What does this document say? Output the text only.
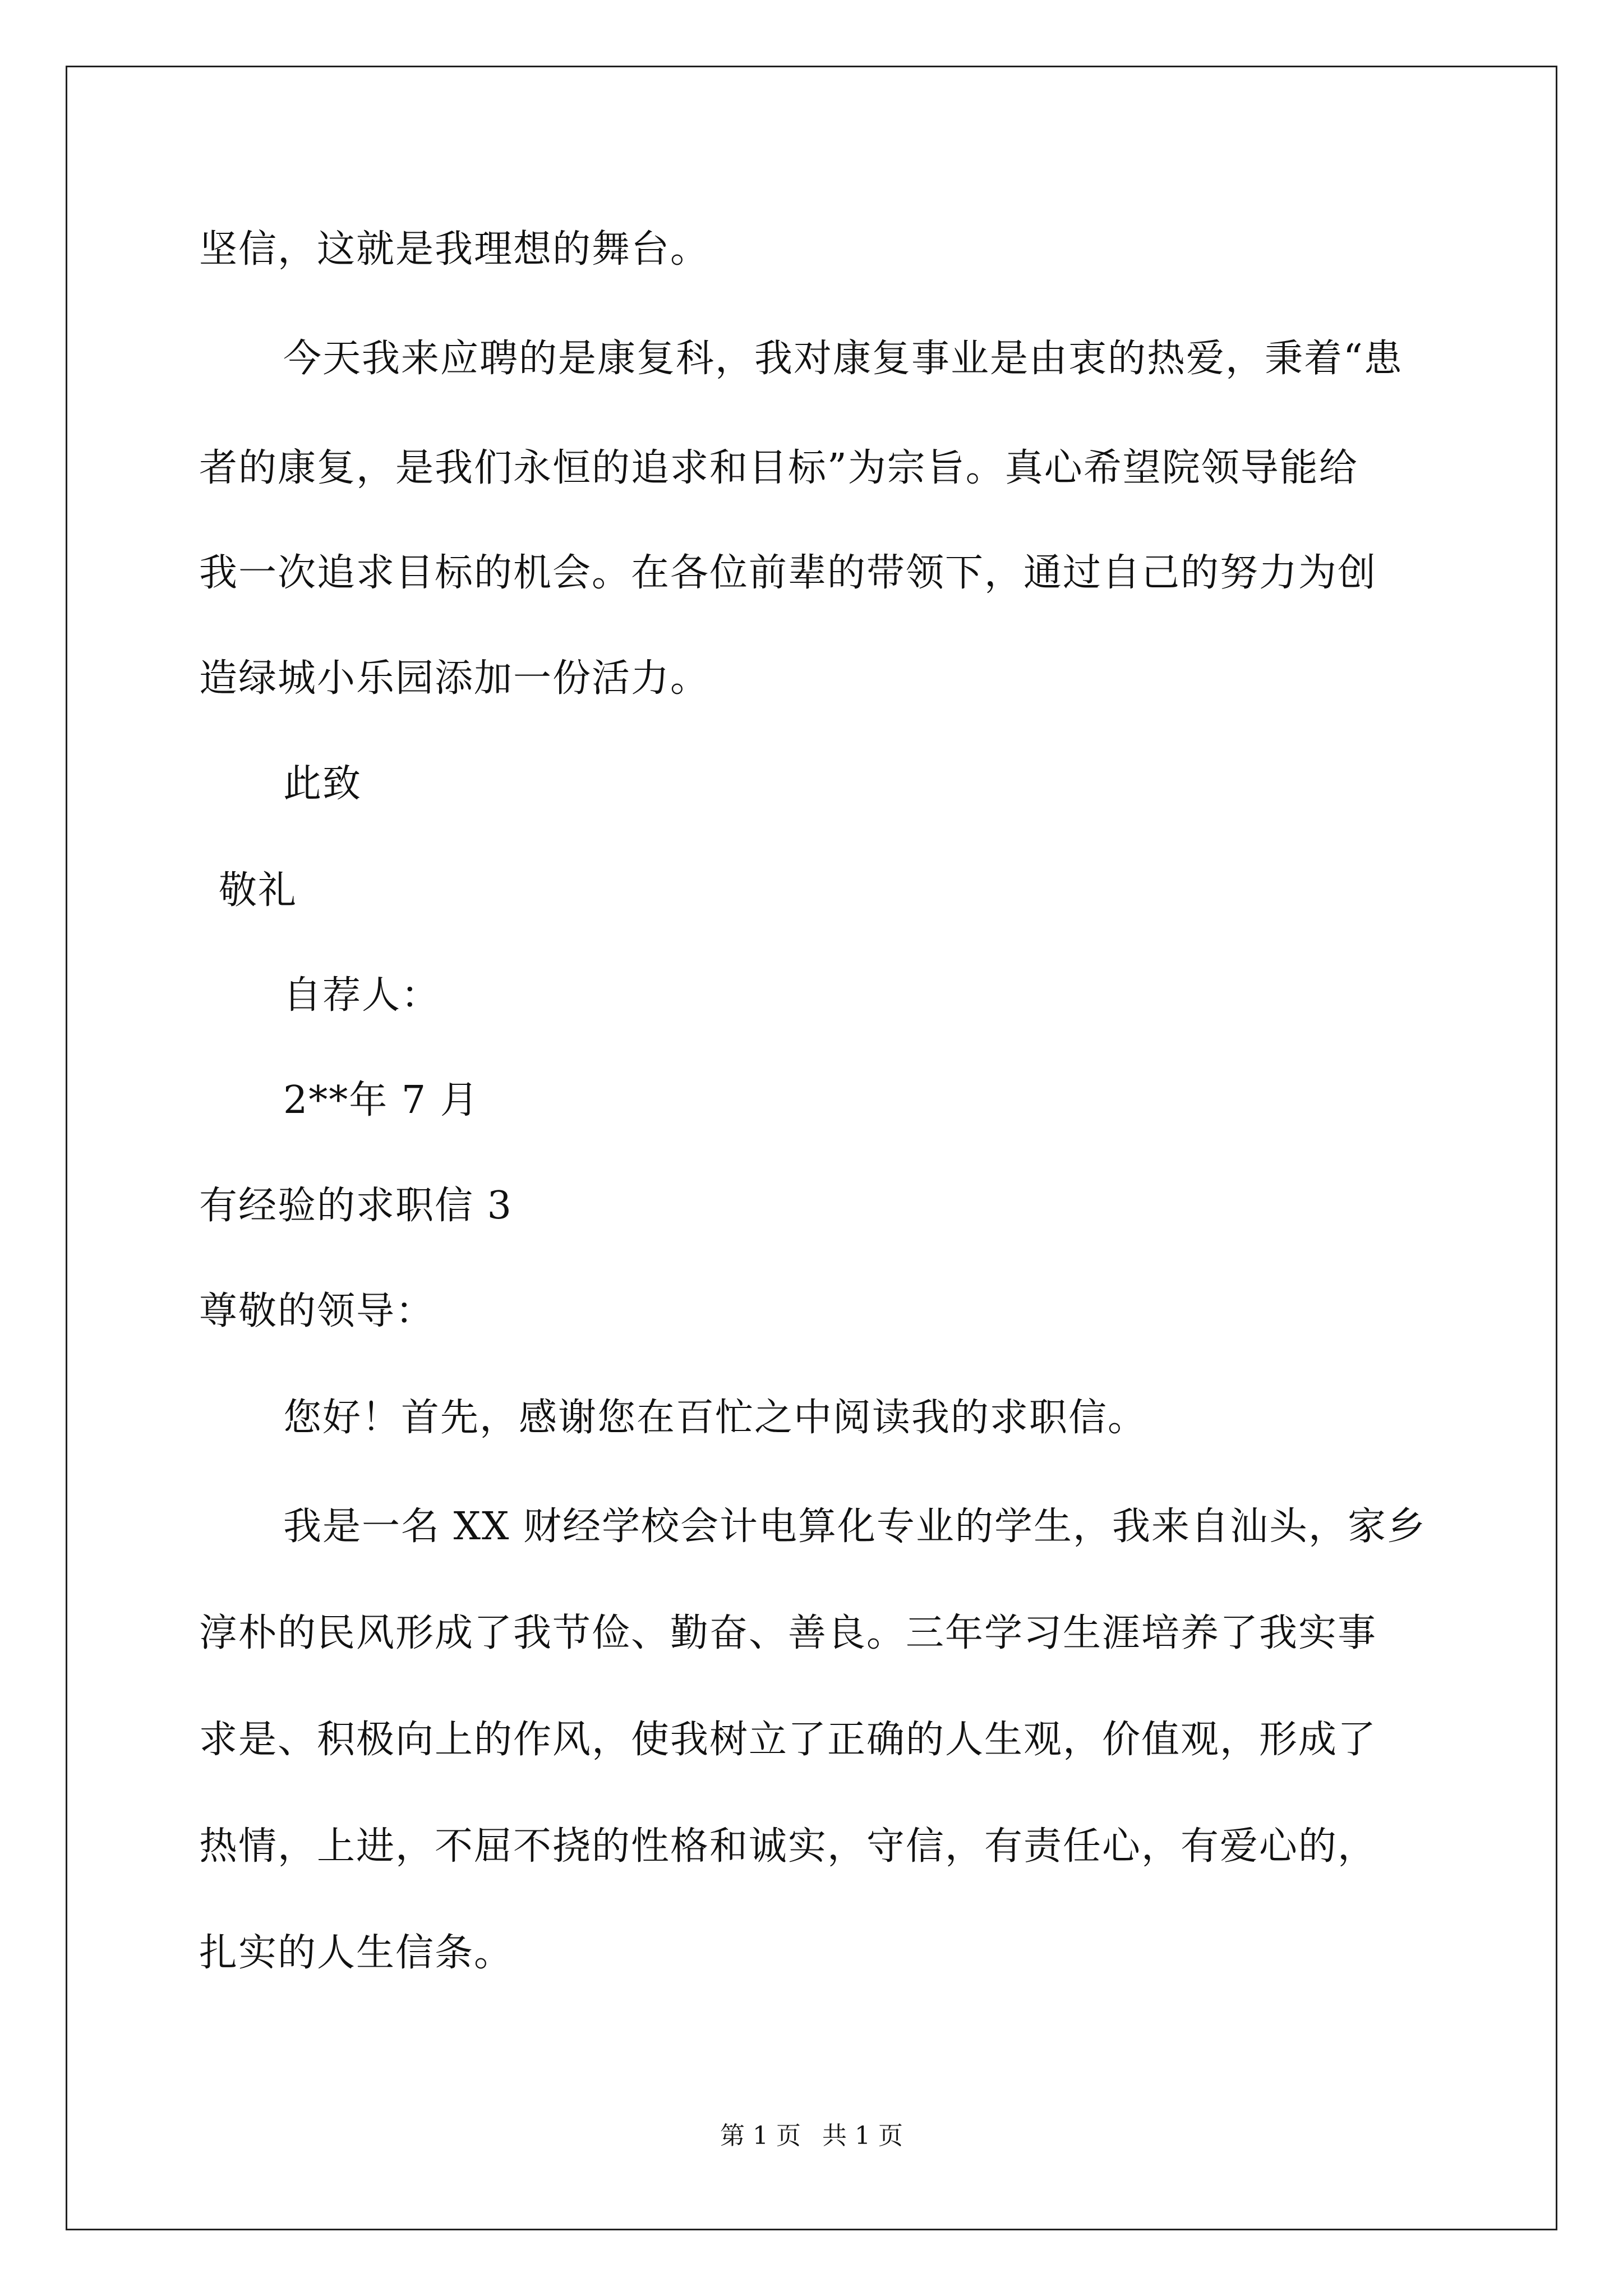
坚信，这就是我理想的舞台。
今天我来应聘的是康复科，我对康复事业是由衷的热爱，秉着“患
者的康复，是我们永恒的追求和目标”为宗旨。真心希望院领导能给
我一次追求目标的机会。在各位前辈的带领下，通过自己的努力为创
造绿城小乐园添加一份活力。
此致
敬礼
自荐人：
2**年 7 月
有经验的求职信 3
尊敬的领导：
您好！首先，感谢您在百忙之中阅读我的求职信。
我是一名 XX 财经学校会计电算化专业的学生，我来自汕头，家乡
淳朴的民风形成了我节俭、勤奋、善良。三年学习生涯培养了我实事
求是、积极向上的作风，使我树立了正确的人生观，价值观，形成了
热情，上进，不屈不挠的性格和诚实，守信，有责任心，有爱心的，
扎实的人生信条。
第 1 页 共 1 页
